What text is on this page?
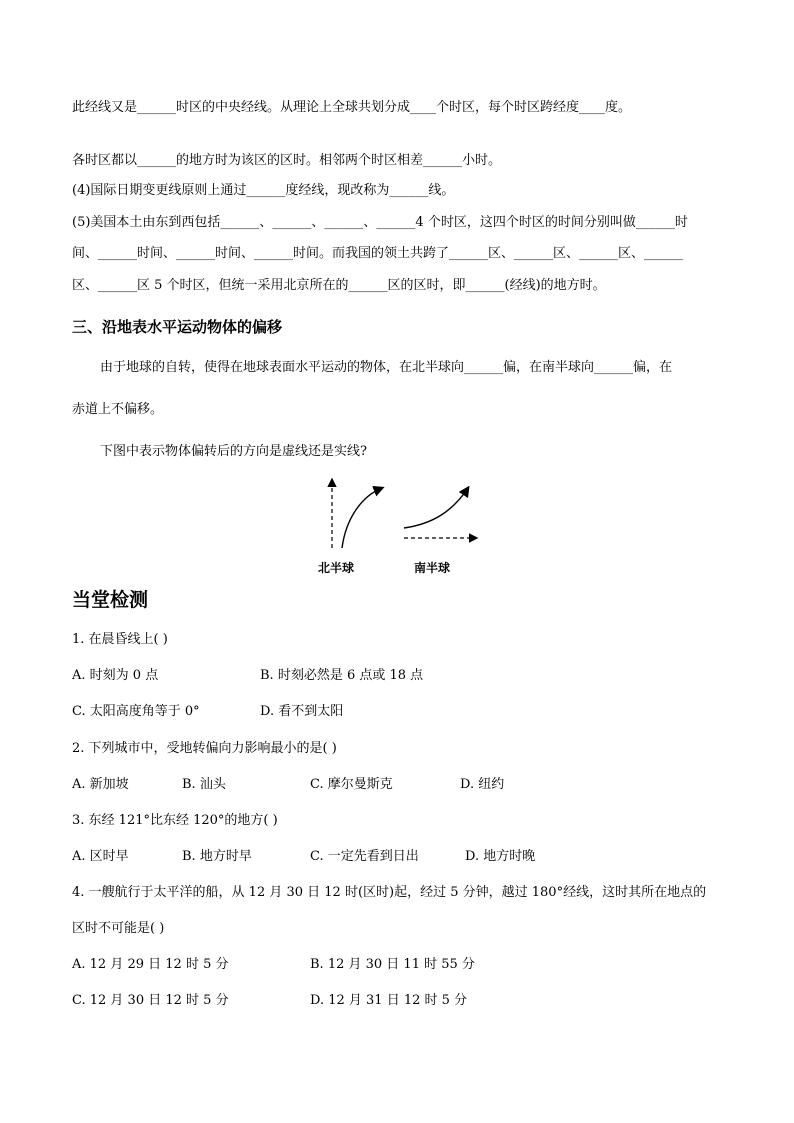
此经线又是______时区的中央经线。从理论上全球共划分成____个时区，每个时区跨经度____度。
各时区都以______的地方时为该区的区时。相邻两个时区相差______小时。
(4)国际日期变更线原则上通过______度经线，现改称为______线。
(5)美国本土由东到西包括______、______、______、______4 个时区，这四个时区的时间分别叫做______时
间、______时间、______时间、______时间。而我国的领土共跨了______区、______区、______区、______
区、______区 5 个时区，但统一采用北京所在的______区的区时，即______(经线)的地方时。
三、沿地表水平运动物体的偏移
由于地球的自转，使得在地球表面水平运动的物体，在北半球向______偏，在南半球向______偏，在
赤道上不偏移。
下图中表示物体偏转后的方向是虚线还是实线?
北半球	南半球
当堂检测
1. 在晨昏线上( )
A. 时刻为 0 点	B. 时刻必然是 6 点或 18 点
C. 太阳高度角等于 0°	D. 看不到太阳
2. 下列城市中，受地转偏向力影响最小的是( )
A. 新加坡	B. 汕头	C. 摩尔曼斯克	D. 纽约
3. 东经 121°比东经 120°的地方( )
A. 区时早	B. 地方时早	C. 一定先看到日出	D. 地方时晚
4. 一艘航行于太平洋的船，从 12 月 30 日 12 时(区时)起，经过 5 分钟，越过 180°经线，这时其所在地点的
区时不可能是( )
A. 12 月 29 日 12 时 5 分	B. 12 月 30 日 11 时 55 分
C. 12 月 30 日 12 时 5 分	D. 12 月 31 日 12 时 5 分
